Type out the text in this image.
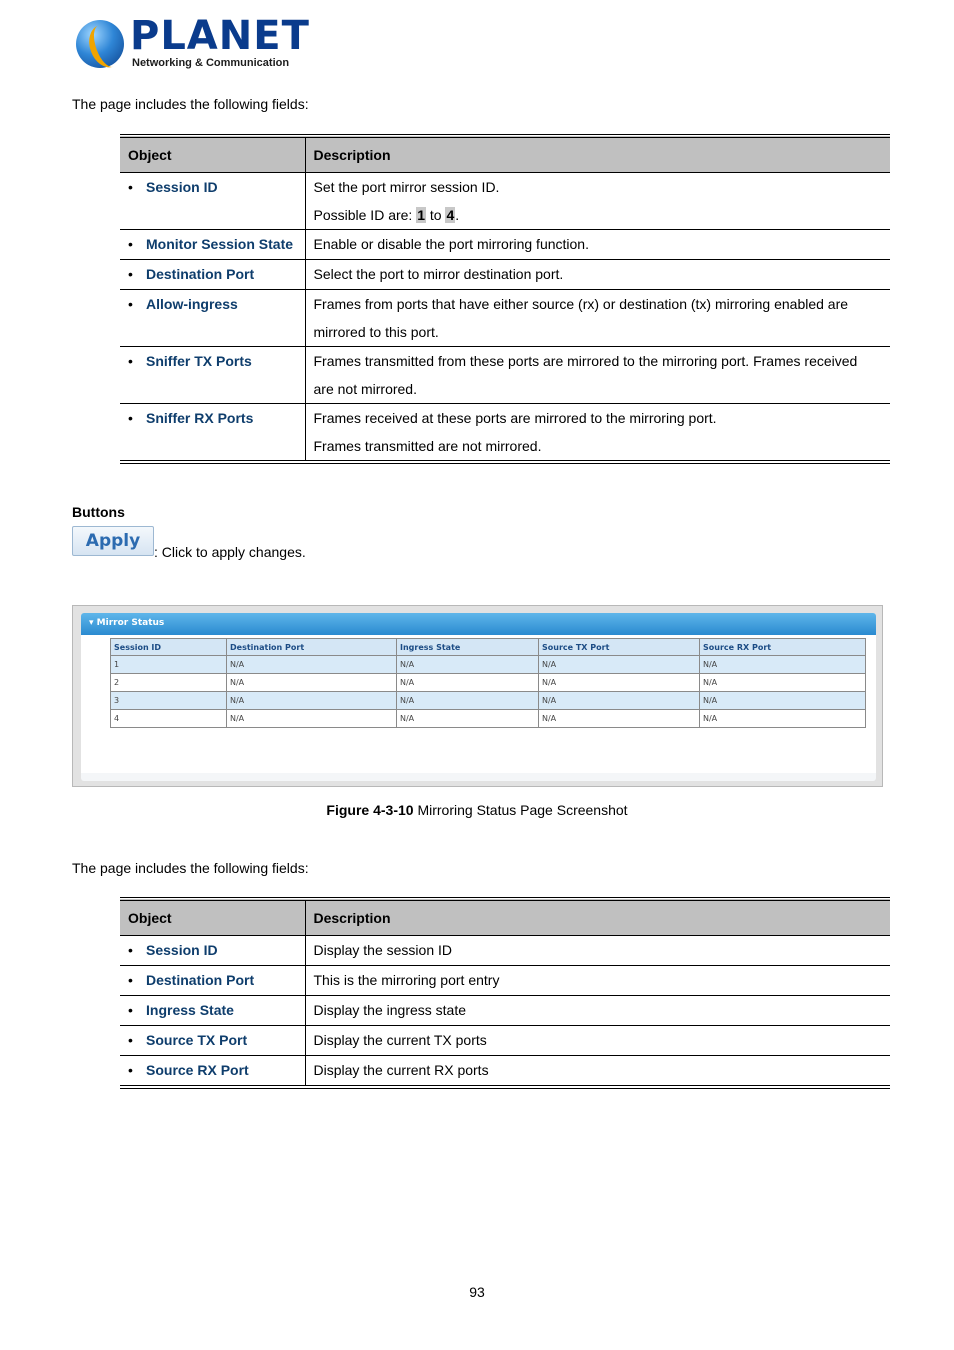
PLANET
Networking & Communication
The page includes the following fields:
Object	Description
• Session ID	Set the port mirror session ID.
Possible ID are: 1 to 4.

• Monitor Session State	Enable or disable the port mirroring function.

• Destination Port	Select the port to mirror destination port.

• Allow-ingress	Frames from ports that have either source (rx) or destination (tx) mirroring enabled are
mirrored to this port.

• Sniffer TX Ports	Frames transmitted from these ports are mirrored to the mirroring port. Frames received
are not mirrored.

• Sniffer RX Ports	Frames received at these ports are mirrored to the mirroring port.
Frames transmitted are not mirrored.
Buttons
Apply
: Click to apply changes.
▾ Mirror Status
Session ID	Destination Port	Ingress State	Source TX Port	Source RX Port
1	N/A	N/A	N/A	N/A
2	N/A	N/A	N/A	N/A
3	N/A	N/A	N/A	N/A
4	N/A	N/A	N/A	N/A
Figure 4-3-10 Mirroring Status Page Screenshot
The page includes the following fields:
Object	Description
• Session ID	Display the session ID
• Destination Port	This is the mirroring port entry
• Ingress State	Display the ingress state
• Source TX Port	Display the current TX ports
• Source RX Port	Display the current RX ports
93
